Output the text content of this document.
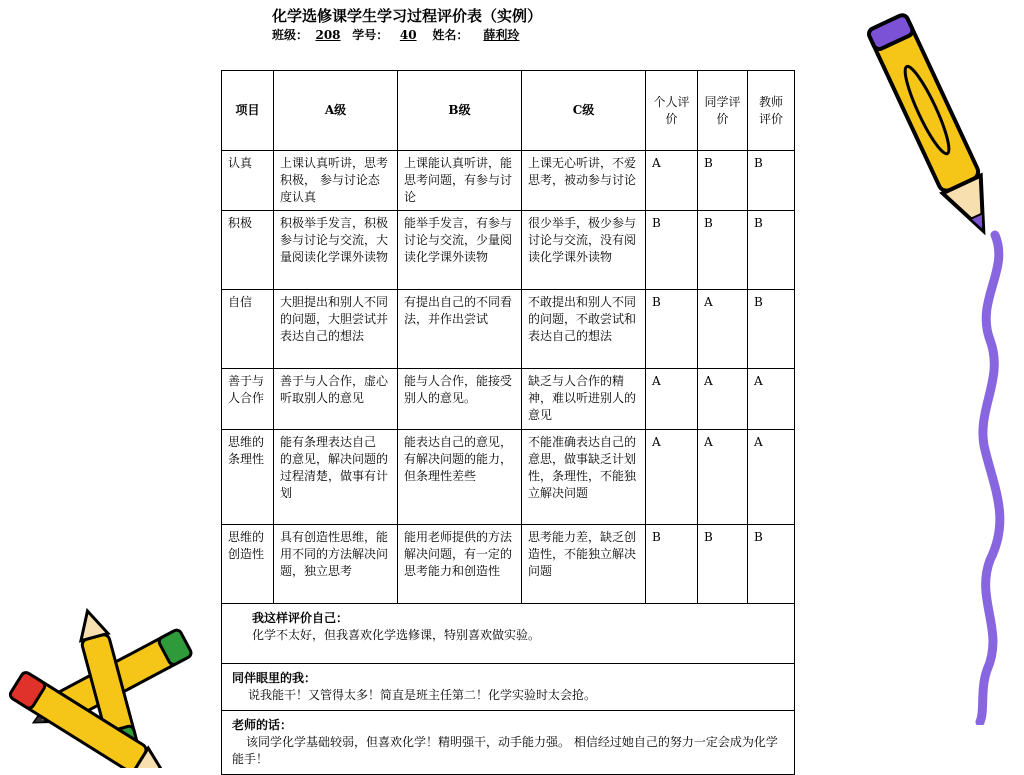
化学选修课学生学习过程评价表（实例）
班级： 208 学号： 40 姓名： 薛利玲
项目	A级	B级	C级	个人评价	同学评价	教师评价
认真	上课认真听讲，思考积极， 参与讨论态度认真	上课能认真听讲，能思考问题，有参与讨论	上课无心听讲，不爱思考，被动参与讨论	A	B	B
积极	积极举手发言，积极参与讨论与交流，大量阅读化学课外读物	能举手发言，有参与讨论与交流，少量阅读化学课外读物	很少举手，极少参与讨论与交流，没有阅读化学课外读物	B	B	B
自信	大胆提出和别人不同的问题，大胆尝试并表达自己的想法	有提出自己的不同看法，并作出尝试	不敢提出和别人不同的问题，不敢尝试和表达自己的想法	B	A	B
善于与人合作	善于与人合作，虚心听取别人的意见	能与人合作，能接受别人的意见。	缺乏与人合作的精神，难以听进别人的意见	A	A	A
思维的条理性	能有条理表达自己 的意见，解决问题的过程清楚，做事有计划	能表达自己的意见，有解决问题的能力，但条理性差些	不能准确表达自己的意思，做事缺乏计划性，条理性，不能独立解决问题	A	A	A
思维的创造性	具有创造性思维，能用不同的方法解决问题，独立思考	能用老师提供的方法解决问题，有一定的思考能力和创造性	思考能力差，缺乏创造性，不能独立解决问题	B	B	B

我这样评价自己：
化学不太好，但我喜欢化学选修课，特别喜欢做实验。						

同伴眼里的我：
说我能干！又管得太多！简直是班主任第二！化学实验时太会抢。						

老师的话：
该同学化学基础较弱，但喜欢化学！精明强干，动手能力强。 相信经过她自己的努力一定会成为化学能手！						
